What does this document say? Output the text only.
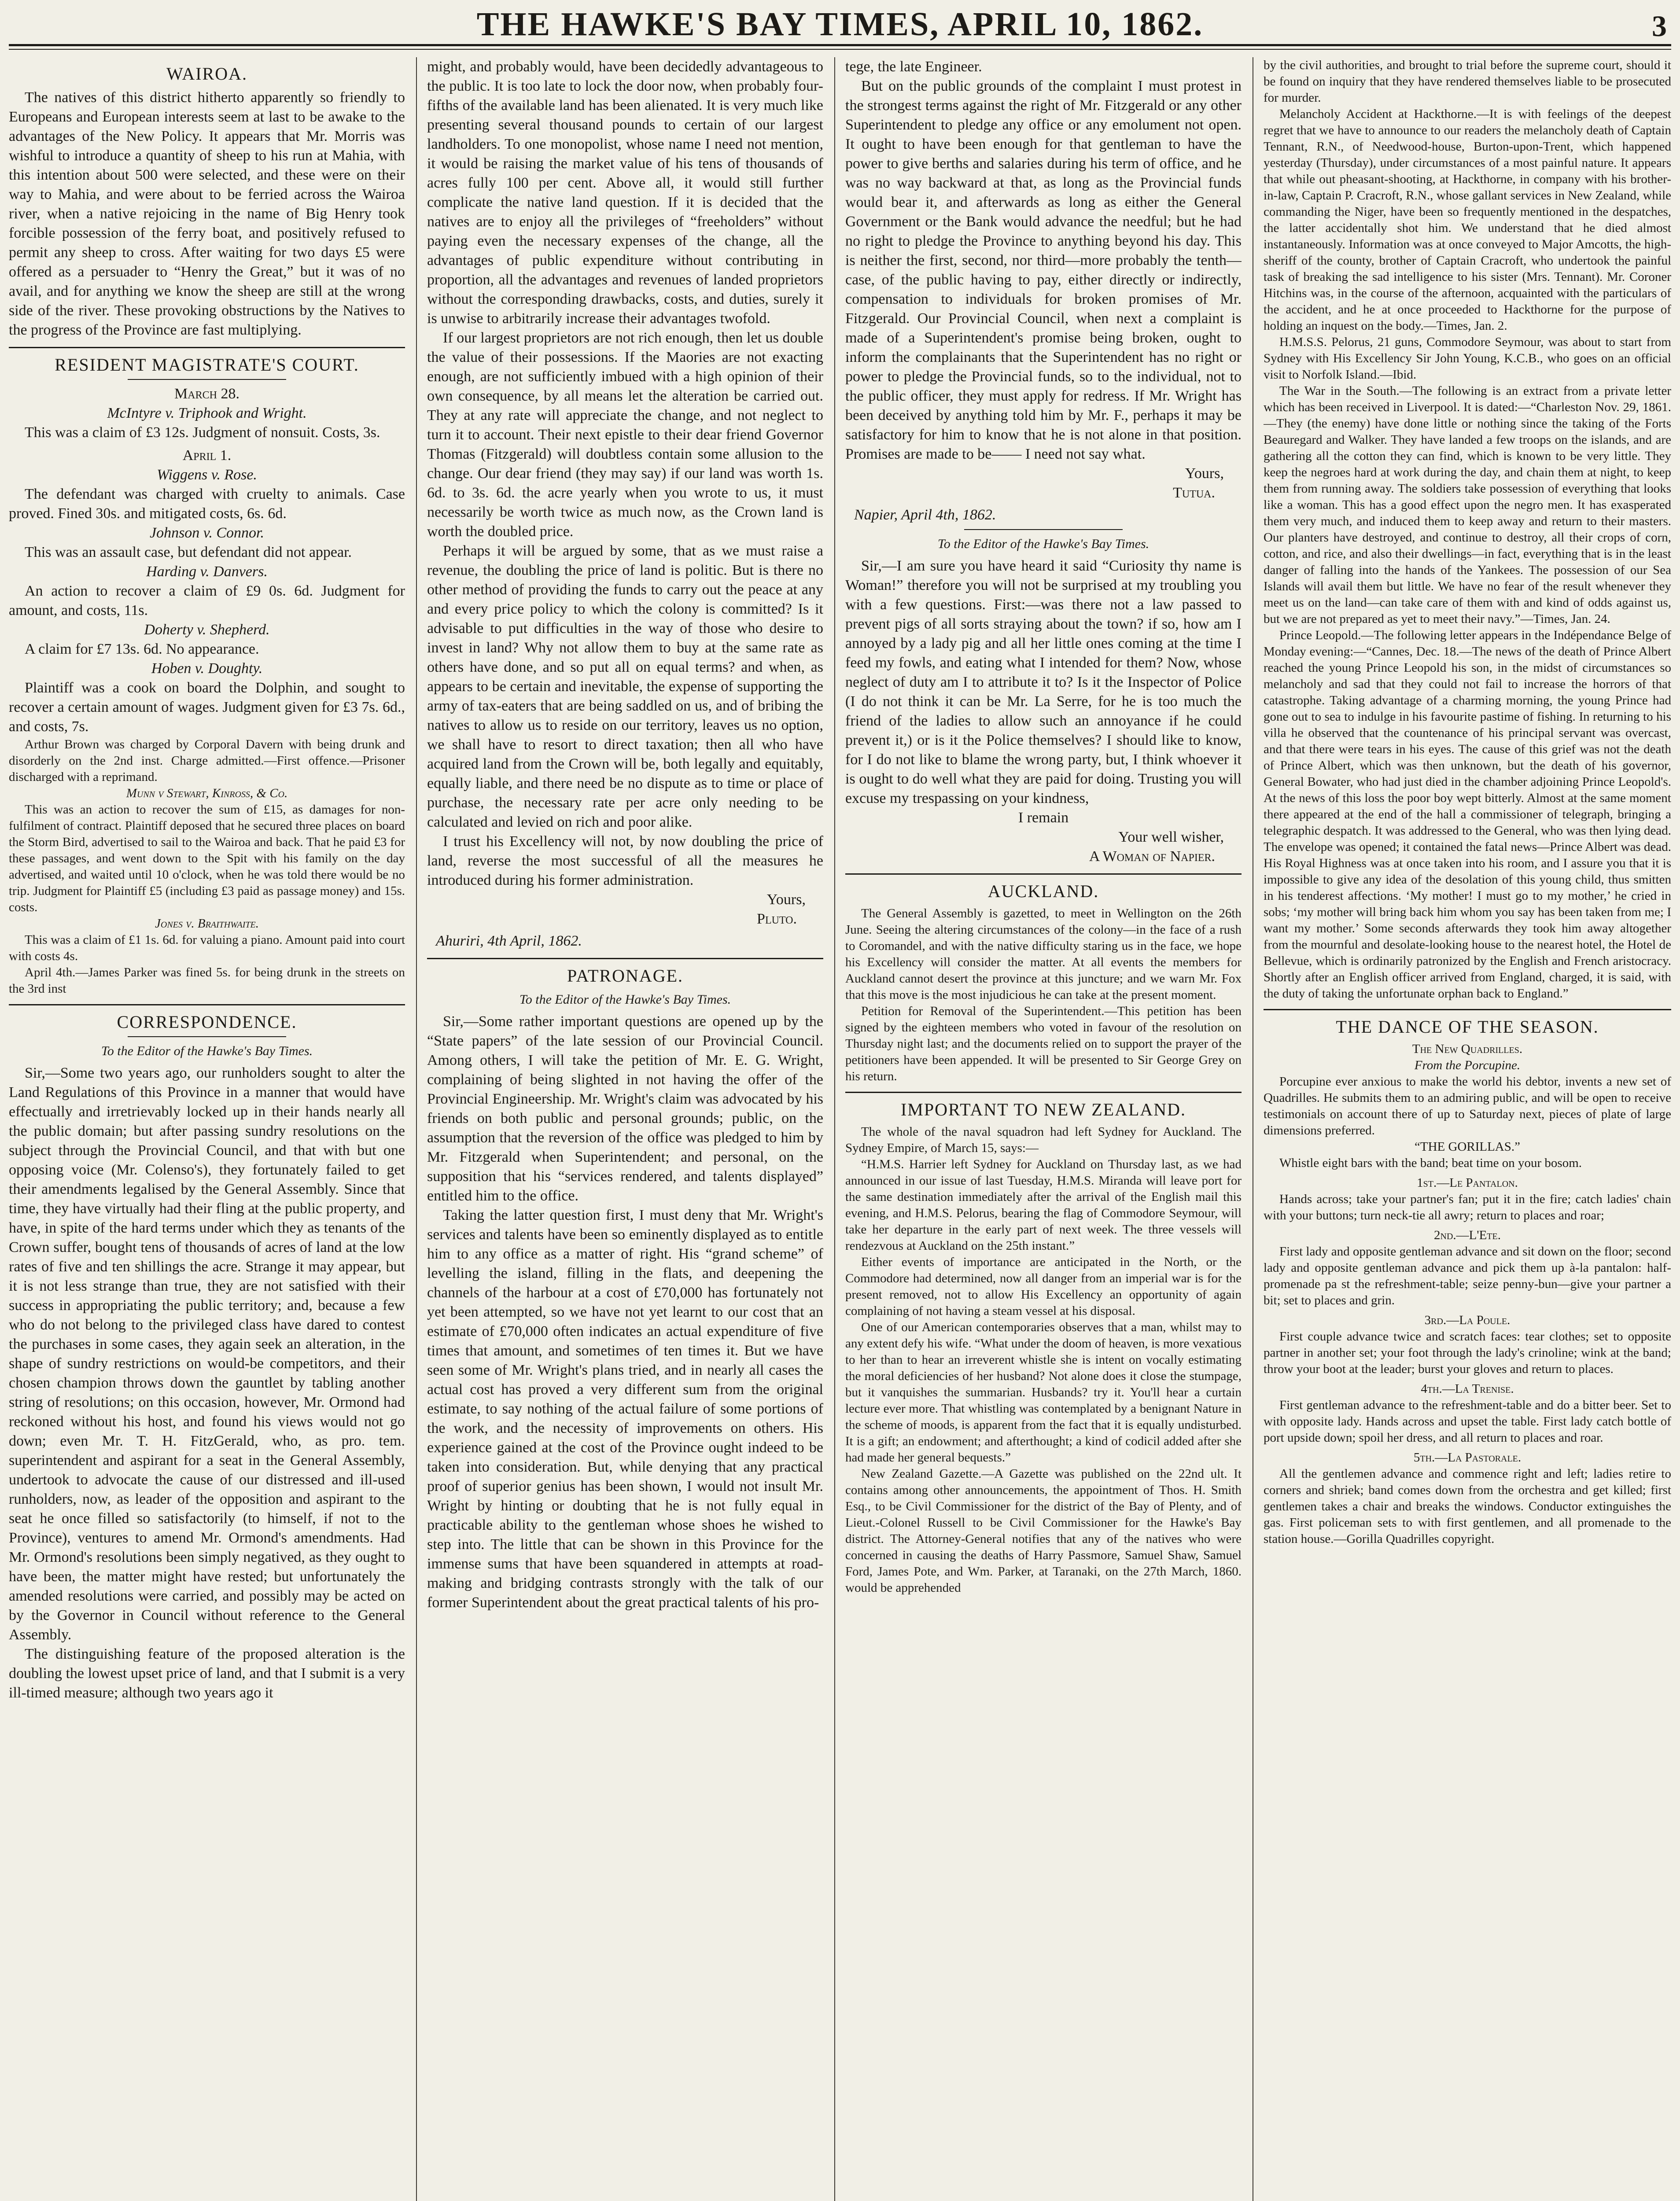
THE HAWKE'S BAY TIMES, APRIL 10, 1862.	3
WAIROA.

The natives of this district hitherto apparently so friendly to Europeans and European interests seem at last to be awake to the advantages of the New Policy. It appears that Mr. Morris was wishful to introduce a quantity of sheep to his run at Mahia, with this intention about 500 were selected, and these were on their way to Mahia, and were about to be ferried across the Wairoa river, when a native rejoicing in the name of Big Henry took forcible possession of the ferry boat, and positively refused to permit any sheep to cross. After waiting for two days £5 were offered as a persuader to “Henry the Great,” but it was of no avail, and for anything we know the sheep are still at the wrong side of the river. These provoking obstructions by the Natives to the progress of the Province are fast multiplying.

RESIDENT MAGISTRATE'S COURT.

March 28.

McIntyre v. Triphook and Wright.

This was a claim of £3 12s. Judgment of nonsuit. Costs, 3s.

April 1.

Wiggens v. Rose.

The defendant was charged with cruelty to animals. Case proved. Fined 30s. and mitigated costs, 6s. 6d.

Johnson v. Connor.

This was an assault case, but defendant did not appear.

Harding v. Danvers.

An action to recover a claim of £9 0s. 6d. Judgment for amount, and costs, 11s.

Doherty v. Shepherd.

A claim for £7 13s. 6d. No appearance.

Hoben v. Doughty.

Plaintiff was a cook on board the Dolphin, and sought to recover a certain amount of wages. Judgment given for £3 7s. 6d., and costs, 7s.

Arthur Brown was charged by Corporal Davern with being drunk and disorderly on the 2nd inst. Charge admitted.—First offence.—Prisoner discharged with a reprimand.

Munn v Stewart, Kinross, & Co.

This was an action to recover the sum of £15, as damages for non-fulfilment of contract. Plaintiff deposed that he secured three places on board the Storm Bird, advertised to sail to the Wairoa and back. That he paid £3 for these passages, and went down to the Spit with his family on the day advertised, and waited until 10 o'clock, when he was told there would be no trip. Judgment for Plaintiff £5 (including £3 paid as passage money) and 15s. costs.

Jones v. Braithwaite.

This was a claim of £1 1s. 6d. for valuing a piano. Amount paid into court with costs 4s.

April 4th.—James Parker was fined 5s. for being drunk in the streets on the 3rd inst

CORRESPONDENCE.

To the Editor of the Hawke's Bay Times.

Sir,—Some two years ago, our runholders sought to alter the Land Regulations of this Province in a manner that would have effectually and irretrievably locked up in their hands nearly all the public domain; but after passing sundry resolutions on the subject through the Provincial Council, and that with but one opposing voice (Mr. Colenso's), they fortunately failed to get their amendments legalised by the General Assembly. Since that time, they have virtually had their fling at the public property, and have, in spite of the hard terms under which they as tenants of the Crown suffer, bought tens of thousands of acres of land at the low rates of five and ten shillings the acre. Strange it may appear, but it is not less strange than true, they are not satisfied with their success in appropriating the public territory; and, because a few who do not belong to the privileged class have dared to contest the purchases in some cases, they again seek an alteration, in the shape of sundry restrictions on would-be competitors, and their chosen champion throws down the gauntlet by tabling another string of resolutions; on this occasion, however, Mr. Ormond had reckoned without his host, and found his views would not go down; even Mr. T. H. FitzGerald, who, as pro. tem. superintendent and aspirant for a seat in the General Assembly, undertook to advocate the cause of our distressed and ill-used runholders, now, as leader of the opposition and aspirant to the seat he once filled so satisfactorily (to himself, if not to the Province), ventures to amend Mr. Ormond's amendments. Had Mr. Ormond's resolutions been simply negatived, as they ought to have been, the matter might have rested; but unfortunately the amended resolutions were carried, and possibly may be acted on by the Governor in Council without reference to the General Assembly.

The distinguishing feature of the proposed alteration is the doubling the lowest upset price of land, and that I submit is a very ill-timed measure; although two years ago it

might, and probably would, have been decidedly advantageous to the public. It is too late to lock the door now, when probably four-fifths of the available land has been alienated. It is very much like presenting several thousand pounds to certain of our largest landholders. To one monopolist, whose name I need not mention, it would be raising the market value of his tens of thousands of acres fully 100 per cent. Above all, it would still further complicate the native land question. If it is decided that the natives are to enjoy all the privileges of “freeholders” without paying even the necessary expenses of the change, all the advantages of public expenditure without contributing in proportion, all the advantages and revenues of landed proprietors without the corresponding drawbacks, costs, and duties, surely it is unwise to arbitrarily increase their advantages twofold.

If our largest proprietors are not rich enough, then let us double the value of their possessions. If the Maories are not exacting enough, are not sufficiently imbued with a high opinion of their own consequence, by all means let the alteration be carried out. They at any rate will appreciate the change, and not neglect to turn it to account. Their next epistle to their dear friend Governor Thomas (Fitzgerald) will doubtless contain some allusion to the change. Our dear friend (they may say) if our land was worth 1s. 6d. to 3s. 6d. the acre yearly when you wrote to us, it must necessarily be worth twice as much now, as the Crown land is worth the doubled price.

Perhaps it will be argued by some, that as we must raise a revenue, the doubling the price of land is politic. But is there no other method of providing the funds to carry out the peace at any and every price policy to which the colony is committed? Is it advisable to put difficulties in the way of those who desire to invest in land? Why not allow them to buy at the same rate as others have done, and so put all on equal terms? and when, as appears to be certain and inevitable, the expense of supporting the army of tax-eaters that are being saddled on us, and of bribing the natives to allow us to reside on our territory, leaves us no option, we shall have to resort to direct taxation; then all who have acquired land from the Crown will be, both legally and equitably, equally liable, and there need be no dispute as to time or place of purchase, the necessary rate per acre only needing to be calculated and levied on rich and poor alike.

I trust his Excellency will not, by now doubling the price of land, reverse the most successful of all the measures he introduced during his former administration.

Yours,

Pluto.

Ahuriri, 4th April, 1862.

PATRONAGE.

To the Editor of the Hawke's Bay Times.

Sir,—Some rather important questions are opened up by the “State papers” of the late session of our Provincial Council. Among others, I will take the petition of Mr. E. G. Wright, complaining of being slighted in not having the offer of the Provincial Engineership. Mr. Wright's claim was advocated by his friends on both public and personal grounds; public, on the assumption that the reversion of the office was pledged to him by Mr. Fitzgerald when Superintendent; and personal, on the supposition that his “services rendered, and talents displayed” entitled him to the office.

Taking the latter question first, I must deny that Mr. Wright's services and talents have been so eminently displayed as to entitle him to any office as a matter of right. His “grand scheme” of levelling the island, filling in the flats, and deepening the channels of the harbour at a cost of £70,000 has fortunately not yet been attempted, so we have not yet learnt to our cost that an estimate of £70,000 often indicates an actual expenditure of five times that amount, and sometimes of ten times it. But we have seen some of Mr. Wright's plans tried, and in nearly all cases the actual cost has proved a very different sum from the original estimate, to say nothing of the actual failure of some portions of the work, and the necessity of improvements on others. His experience gained at the cost of the Province ought indeed to be taken into consideration. But, while denying that any practical proof of superior genius has been shown, I would not insult Mr. Wright by hinting or doubting that he is not fully equal in practicable ability to the gentleman whose shoes he wished to step into. The little that can be shown in this Province for the immense sums that have been squandered in attempts at road-making and bridging contrasts strongly with the talk of our former Superintendent about the great practical talents of his pro-

tege, the late Engineer.

But on the public grounds of the complaint I must protest in the strongest terms against the right of Mr. Fitzgerald or any other Superintendent to pledge any office or any emolument not open. It ought to have been enough for that gentleman to have the power to give berths and salaries during his term of office, and he was no way backward at that, as long as the Provincial funds would bear it, and afterwards as long as either the General Government or the Bank would advance the needful; but he had no right to pledge the Province to anything beyond his day. This is neither the first, second, nor third—more probably the tenth—case, of the public having to pay, either directly or indirectly, compensation to individuals for broken promises of Mr. Fitzgerald. Our Provincial Council, when next a complaint is made of a Superintendent's promise being broken, ought to inform the complainants that the Superintendent has no right or power to pledge the Provincial funds, so to the individual, not to the public officer, they must apply for redress. If Mr. Wright has been deceived by anything told him by Mr. F., perhaps it may be satisfactory for him to know that he is not alone in that position. Promises are made to be—— I need not say what.

Yours,

Tutua.

Napier, April 4th, 1862.

To the Editor of the Hawke's Bay Times.

Sir,—I am sure you have heard it said “Curiosity thy name is Woman!” therefore you will not be surprised at my troubling you with a few questions. First:—was there not a law passed to prevent pigs of all sorts straying about the town? if so, how am I annoyed by a lady pig and all her little ones coming at the time I feed my fowls, and eating what I intended for them? Now, whose neglect of duty am I to attribute it to? Is it the Inspector of Police (I do not think it can be Mr. La Serre, for he is too much the friend of the ladies to allow such an annoyance if he could prevent it,) or is it the Police themselves? I should like to know, for I do not like to blame the wrong party, but, I think whoever it is ought to do well what they are paid for doing. Trusting you will excuse my trespassing on your kindness,

I remain

Your well wisher,

A Woman of Napier.

AUCKLAND.

The General Assembly is gazetted, to meet in Wellington on the 26th June. Seeing the altering circumstances of the colony—in the face of a rush to Coromandel, and with the native difficulty staring us in the face, we hope his Excellency will consider the matter. At all events the members for Auckland cannot desert the province at this juncture; and we warn Mr. Fox that this move is the most injudicious he can take at the present moment.

Petition for Removal of the Superintendent.—This petition has been signed by the eighteen members who voted in favour of the resolution on Thursday night last; and the documents relied on to support the prayer of the petitioners have been appended. It will be presented to Sir George Grey on his return.

IMPORTANT TO NEW ZEALAND.

The whole of the naval squadron had left Sydney for Auckland. The Sydney Empire, of March 15, says:—

“H.M.S. Harrier left Sydney for Auckland on Thursday last, as we had announced in our issue of last Tuesday, H.M.S. Miranda will leave port for the same destination immediately after the arrival of the English mail this evening, and H.M.S. Pelorus, bearing the flag of Commodore Seymour, will take her departure in the early part of next week. The three vessels will rendezvous at Auckland on the 25th instant.”

Either events of importance are anticipated in the North, or the Commodore had determined, now all danger from an imperial war is for the present removed, not to allow His Excellency an opportunity of again complaining of not having a steam vessel at his disposal.

One of our American contemporaries observes that a man, whilst may to any extent defy his wife. “What under the doom of heaven, is more vexatious to her than to hear an irreverent whistle she is intent on vocally estimating the moral deficiencies of her husband? Not alone does it close the stumpage, but it vanquishes the summarian. Husbands? try it. You'll hear a curtain lecture ever more. That whistling was contemplated by a benignant Nature in the scheme of moods, is apparent from the fact that it is equally undisturbed. It is a gift; an endowment; and afterthought; a kind of codicil added after she had made her general bequests.”

New Zealand Gazette.—A Gazette was published on the 22nd ult. It contains among other announcements, the appointment of Thos. H. Smith Esq., to be Civil Commissioner for the district of the Bay of Plenty, and of Lieut.-Colonel Russell to be Civil Commissioner for the Hawke's Bay district. The Attorney-General notifies that any of the natives who were concerned in causing the deaths of Harry Passmore, Samuel Shaw, Samuel Ford, James Pote, and Wm. Parker, at Taranaki, on the 27th March, 1860. would be apprehended

by the civil authorities, and brought to trial before the supreme court, should it be found on inquiry that they have rendered themselves liable to be prosecuted for murder.

Melancholy Accident at Hackthorne.—It is with feelings of the deepest regret that we have to announce to our readers the melancholy death of Captain Tennant, R.N., of Needwood-house, Burton-upon-Trent, which happened yesterday (Thursday), under circumstances of a most painful nature. It appears that while out pheasant-shooting, at Hackthorne, in company with his brother-in-law, Captain P. Cracroft, R.N., whose gallant services in New Zealand, while commanding the Niger, have been so frequently mentioned in the despatches, the latter accidentally shot him. We understand that he died almost instantaneously. Information was at once conveyed to Major Amcotts, the high-sheriff of the county, brother of Captain Cracroft, who undertook the painful task of breaking the sad intelligence to his sister (Mrs. Tennant). Mr. Coroner Hitchins was, in the course of the afternoon, acquainted with the particulars of the accident, and he at once proceeded to Hackthorne for the purpose of holding an inquest on the body.—Times, Jan. 2.

H.M.S.S. Pelorus, 21 guns, Commodore Seymour, was about to start from Sydney with His Excellency Sir John Young, K.C.B., who goes on an official visit to Norfolk Island.—Ibid.

The War in the South.—The following is an extract from a private letter which has been received in Liverpool. It is dated:—“Charleston Nov. 29, 1861.—They (the enemy) have done little or nothing since the taking of the Forts Beauregard and Walker. They have landed a few troops on the islands, and are gathering all the cotton they can find, which is known to be very little. They keep the negroes hard at work during the day, and chain them at night, to keep them from running away. The soldiers take possession of everything that looks like a woman. This has a good effect upon the negro men. It has exasperated them very much, and induced them to keep away and return to their masters. Our planters have destroyed, and continue to destroy, all their crops of corn, cotton, and rice, and also their dwellings—in fact, everything that is in the least danger of falling into the hands of the Yankees. The possession of our Sea Islands will avail them but little. We have no fear of the result whenever they meet us on the land—can take care of them with and kind of odds against us, but we are not prepared as yet to meet their navy.”—Times, Jan. 24.

Prince Leopold.—The following letter appears in the Indépendance Belge of Monday evening:—“Cannes, Dec. 18.—The news of the death of Prince Albert reached the young Prince Leopold his son, in the midst of circumstances so melancholy and sad that they could not fail to increase the horrors of that catastrophe. Taking advantage of a charming morning, the young Prince had gone out to sea to indulge in his favourite pastime of fishing. In returning to his villa he observed that the countenance of his principal servant was overcast, and that there were tears in his eyes. The cause of this grief was not the death of Prince Albert, which was then unknown, but the death of his governor, General Bowater, who had just died in the chamber adjoining Prince Leopold's. At the news of this loss the poor boy wept bitterly. Almost at the same moment there appeared at the end of the hall a commissioner of telegraph, bringing a telegraphic despatch. It was addressed to the General, who was then lying dead. The envelope was opened; it contained the fatal news—Prince Albert was dead. His Royal Highness was at once taken into his room, and I assure you that it is impossible to give any idea of the desolation of this young child, thus smitten in his tenderest affections. ‘My mother! I must go to my mother,’ he cried in sobs; ‘my mother will bring back him whom you say has been taken from me; I want my mother.’ Some seconds afterwards they took him away altogether from the mournful and desolate-looking house to the nearest hotel, the Hotel de Bellevue, which is ordinarily patronized by the English and French aristocracy. Shortly after an English officer arrived from England, charged, it is said, with the duty of taking the unfortunate orphan back to England.”

THE DANCE OF THE SEASON.

The New Quadrilles.

From the Porcupine.

Porcupine ever anxious to make the world his debtor, invents a new set of Quadrilles. He submits them to an admiring public, and will be open to receive testimonials on account there of up to Saturday next, pieces of plate of large dimensions preferred.

“THE GORILLAS.”

Whistle eight bars with the band; beat time on your bosom.

1st.—Le Pantalon.

Hands across; take your partner's fan; put it in the fire; catch ladies' chain with your buttons; turn neck-tie all awry; return to places and roar;

2nd.—L'Ete.

First lady and opposite gentleman advance and sit down on the floor; second lady and opposite gentleman advance and pick them up à-la pantalon: half-promenade pa st the refreshment-table; seize penny-bun—give your partner a bit; set to places and grin.

3rd.—La Poule.

First couple advance twice and scratch faces: tear clothes; set to opposite partner in another set; your foot through the lady's crinoline; wink at the band; throw your boot at the leader; burst your gloves and return to places.

4th.—La Trenise.

First gentleman advance to the refreshment-table and do a bitter beer. Set to with opposite lady. Hands across and upset the table. First lady catch bottle of port upside down; spoil her dress, and all return to places and roar.

5th.—La Pastorale.

All the gentlemen advance and commence right and left; ladies retire to corners and shriek; band comes down from the orchestra and get killed; first gentlemen takes a chair and breaks the windows. Conductor extinguishes the gas. First policeman sets to with first gentlemen, and all promenade to the station house.—Gorilla Quadrilles copyright.
